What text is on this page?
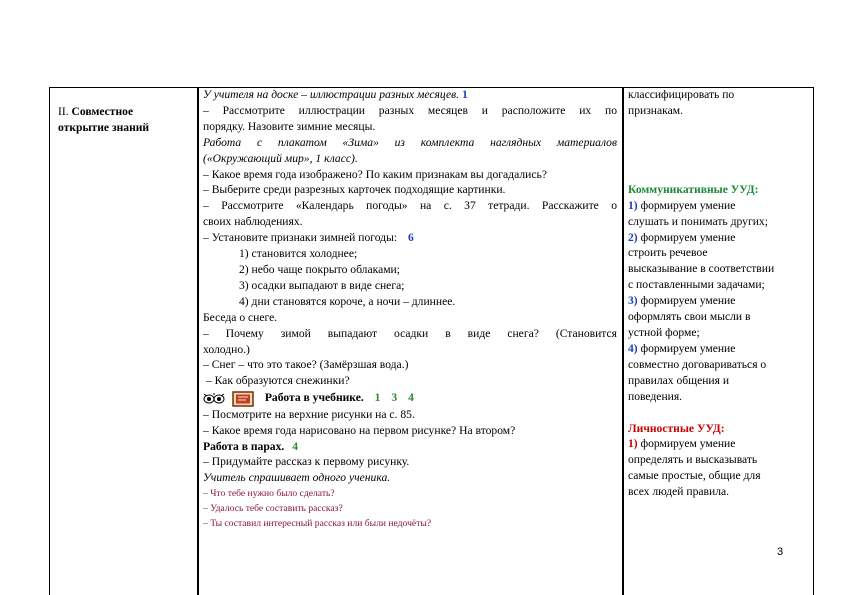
II. Совместное
открытие знаний
У учителя на доске – иллюстрации разных месяцев. 1
– Рассмотрите иллюстрации разных месяцев и расположите их по
порядку. Назовите зимние месяцы.
Работа с плакатом «Зима» из комплекта наглядных материалов
(«Окружающий мир», 1 класс).
– Какое время года изображено? По каким признакам вы догадались?
– Выберите среди разрезных карточек подходящие картинки.
– Рассмотрите «Календарь погоды» на с. 37 тетради. Расскажите о
своих наблюдениях.
– Установите признаки зимней погоды: 6
1) становится холоднее;
2) небо чаще покрыто облаками;
3) осадки выпадают в виде снега;
4) дни становятся короче, а ночи – длиннее.
Беседа о снеге.
– Почему зимой выпадают осадки в виде снега? (Становится
холодно.)
– Снег – что это такое? (Замёрзшая вода.)
– Как образуются снежинки?
Работа в учебнике. 1 3 4
– Посмотрите на верхние рисунки на с. 85.
– Какое время года нарисовано на первом рисунке? На втором?
Работа в парах. 4
– Придумайте рассказ к первому рисунку.
Учитель спрашивает одного ученика.
– Что тебе нужно было сделать?
– Удалось тебе составить рассказ?
– Ты составил интересный рассказ или были недочёты?
классифицировать по
признакам.
Коммуникативные УУД:
1) формируем умение
слушать и понимать других;
2) формируем умение
строить речевое
высказывание в соответствии
с поставленными задачами;
3) формируем умение
оформлять свои мысли в
устной форме;
4) формируем умение
совместно договариваться о
правилах общения и
поведения.
Личностные УУД:
1) формируем умение
определять и высказывать
самые простые, общие для
всех людей правила.
3
